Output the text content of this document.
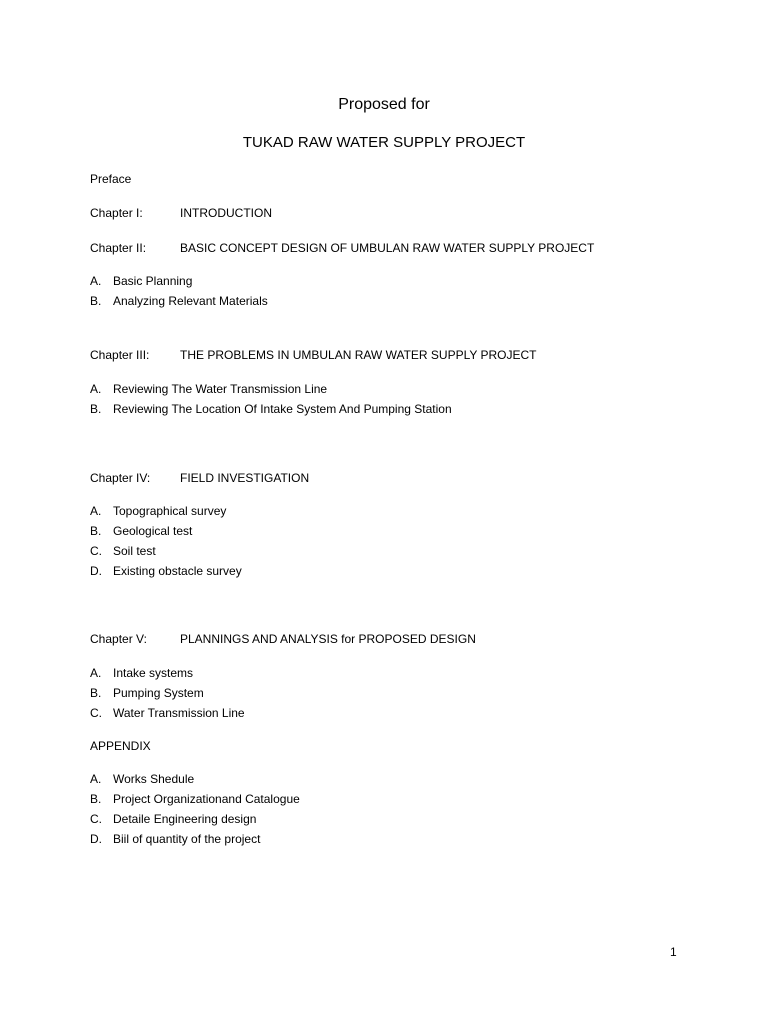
Proposed for
TUKAD RAW WATER SUPPLY PROJECT
Preface
Chapter I:	INTRODUCTION
Chapter II:	BASIC CONCEPT DESIGN OF UMBULAN RAW WATER SUPPLY PROJECT
A. Basic Planning
B. Analyzing Relevant Materials
Chapter III:	THE PROBLEMS IN UMBULAN RAW WATER SUPPLY PROJECT
A. Reviewing The Water Transmission Line
B. Reviewing The Location Of Intake System And Pumping Station
Chapter IV: FIELD INVESTIGATION
A. Topographical survey
B. Geological test
C. Soil test
D. Existing obstacle survey
Chapter V:	PLANNINGS AND ANALYSIS for PROPOSED DESIGN
A. Intake systems
B. Pumping System
C. Water Transmission Line
APPENDIX
A. Works Shedule
B. Project Organizationand Catalogue
C. Detaile Engineering design
D. Biil of quantity of the project
1
